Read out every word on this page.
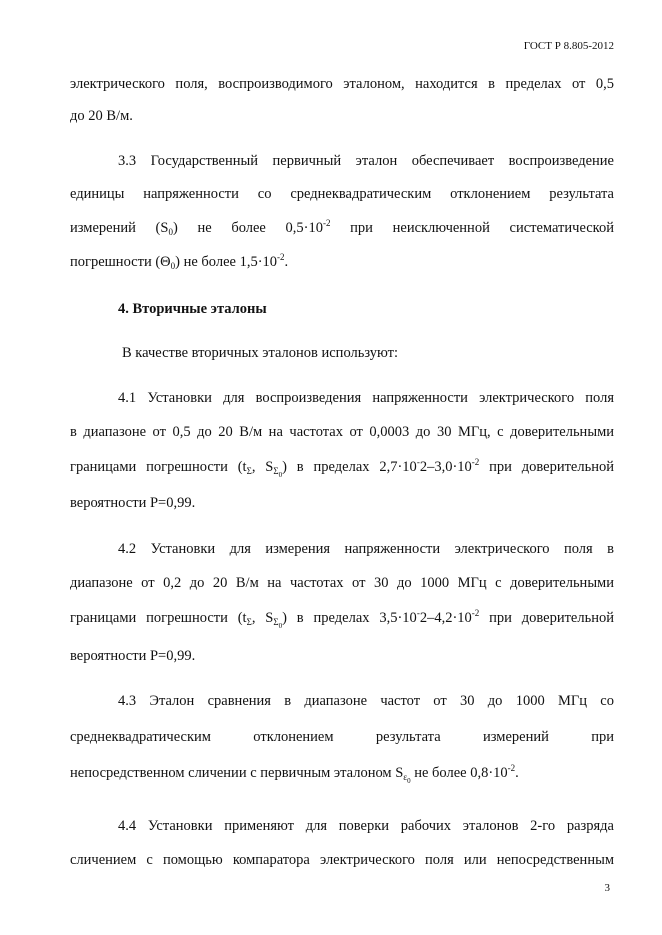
ГОСТ Р 8.805-2012
электрического поля, воспроизводимого эталоном, находится в пределах от 0,5
до 20 В/м.
3.3 Государственный первичный эталон обеспечивает воспроизведение
единицы напряженности со среднеквадратическим отклонением результата
измерений $(S_0)$ не более $0,5\cdot 10^{-2}$ при неисключенной систематической
погрешности $(\Theta_0)$ не более $1,5\cdot 10^{-2}$.
4. Вторичные эталоны
В качестве вторичных эталонов используют:
4.1 Установки для воспроизведения напряженности электрического поля
в диапазоне от 0,5 до 20 В/м на частотах от 0,0003 до 30 МГц, с доверительными
границами погрешности ($t_\Sigma$, $S_{\Sigma_0}$) в пределах $2,7\cdot 10^-2-3,0\cdot 10^{-2}$ при доверительной
вероятности P=0,99.
4.2 Установки для измерения напряженности электрического поля в
диапазоне от 0,2 до 20 В/м на частотах от 30 до 1000 МГц с доверительными
границами погрешности ($t_\Sigma$, $S_{\Sigma_0}$) в пределах $3,5\cdot 10^-2-4,2\cdot 10^{-2}$ при доверительной
вероятности P=0,99.
4.3 Эталон сравнения в диапазоне частот от 30 до 1000 МГц со
среднеквадратическим отклонением результата измерений при
непосредственном сличении с первичным эталоном $S_{\varepsilon_0}$ не более $0,8\cdot 10^{-2}$.
4.4 Установки применяют для поверки рабочих эталонов 2-го разряда
сличением с помощью компаратора электрического поля или непосредственным
3
